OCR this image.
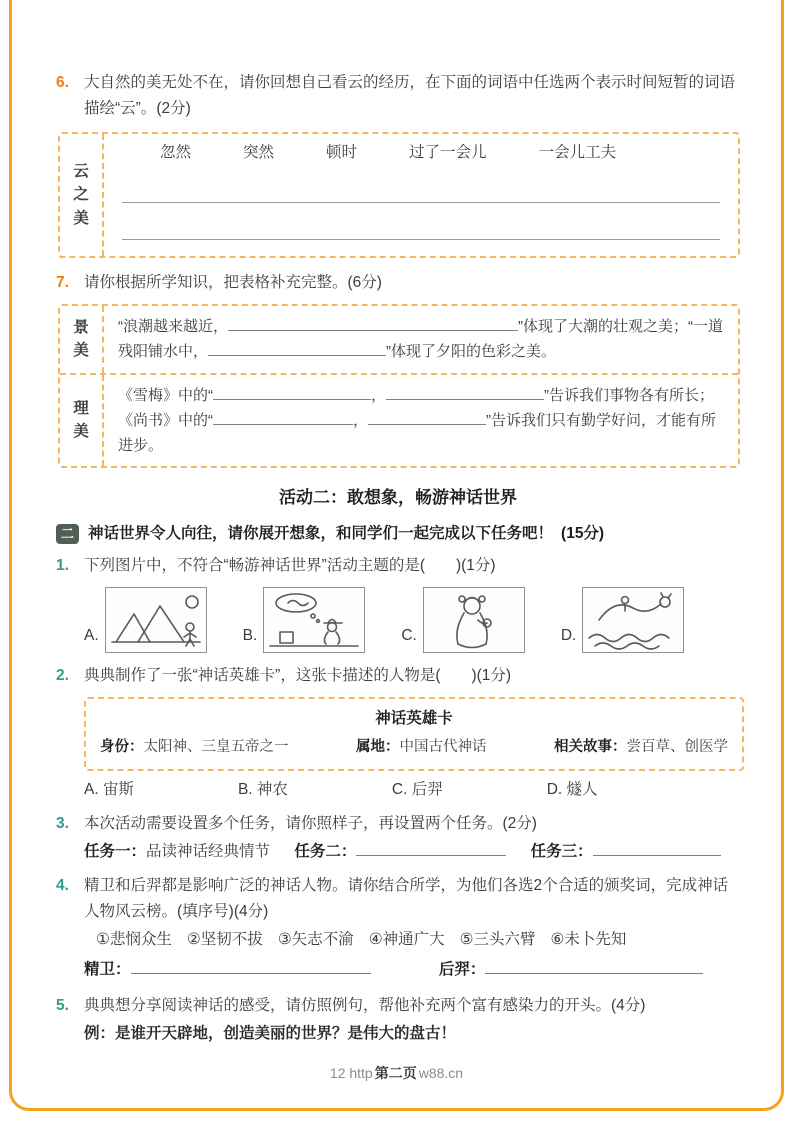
6. 大自然的美无处不在，请你回想自己看云的经历，在下面的词语中任选两个表示时间短暂的词语描绘“云”。(2分)
云之美
忽然	突然	顿时	过了一会儿	一会儿工夫
7. 请你根据所学知识，把表格补充完整。(6分)
景美
“浪潮越来越近，	”体现了大潮的壮观之美；“一道残阳铺水中，	”体现了夕阳的色彩之美。
理美
《雪梅》中的“	，	”告诉我们事物各有所长；《尚书》中的“	，	”告诉我们只有勤学好问，才能有所进步。
活动二：敢想象，畅游神话世界
二 神话世界令人向往，请你展开想象，和同学们一起完成以下任务吧！ (15分)
1. 下列图片中，不符合“畅游神话世界”活动主题的是(　　)(1分)
A.	B.	C.	D.
2. 典典制作了一张“神话英雄卡”，这张卡描述的人物是(　　)(1分)
神话英雄卡
身份：太阳神、三皇五帝之一	属地：中国古代神话	相关故事：尝百草、创医学
A. 宙斯	B. 神农	C. 后羿	D. 燧人
3. 本次活动需要设置多个任务，请你照样子，再设置两个任务。(2分)
任务一：品读神话经典情节 任务二：	任务三：
4. 精卫和后羿都是影响广泛的神话人物。请你结合所学，为他们各选2个合适的颁奖词，完成神话人物风云榜。(填序号)(4分)
①悲悯众生 ②坚韧不拔 ③矢志不渝 ④神通广大 ⑤三头六臂 ⑥未卜先知
精卫：	后羿：
5. 典典想分享阅读神话的感受，请仿照例句，帮他补充两个富有感染力的开头。(4分)
例：是谁开天辟地，创造美丽的世界？是伟大的盘古！
12 http 第二页 w88.cn
